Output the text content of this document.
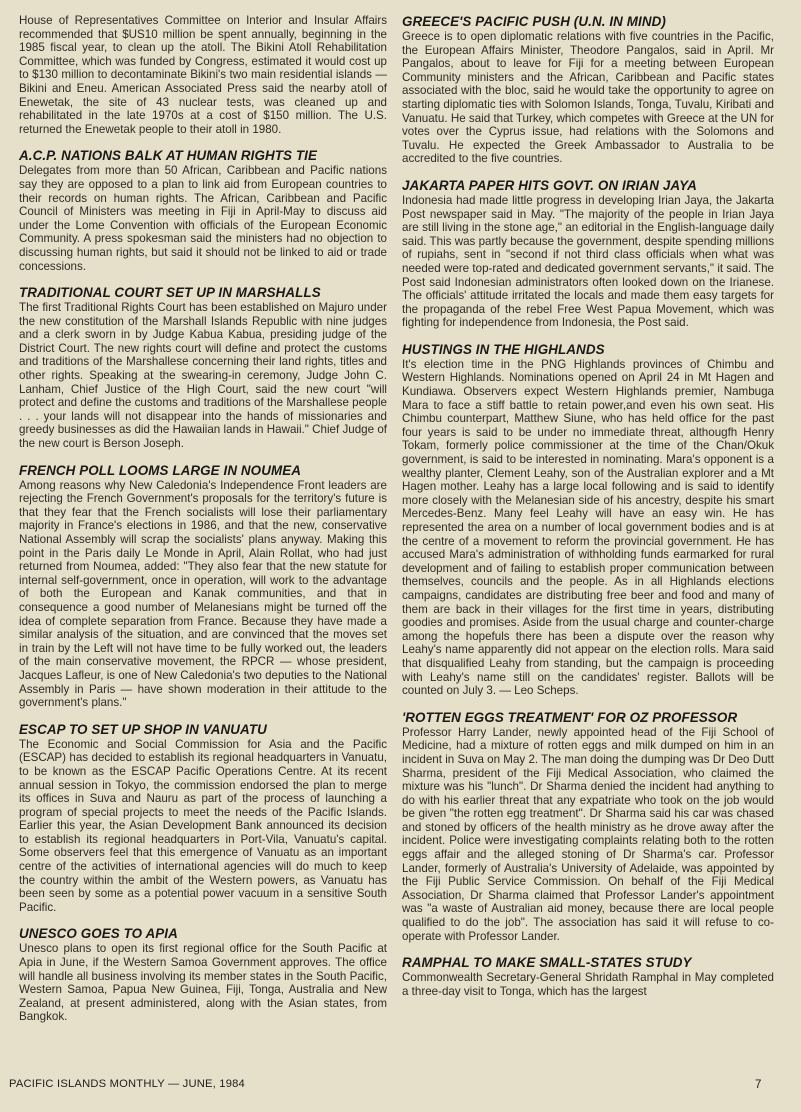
House of Representatives Committee on Interior and Insular Affairs recommended that $US10 million be spent annually, beginning in the 1985 fiscal year, to clean up the atoll. The Bikini Atoll Rehabilitation Committee, which was funded by Congress, estimated it would cost up to $130 million to decontaminate Bikini's two main residential islands — Bikini and Eneu. American Associated Press said the nearby atoll of Enewetak, the site of 43 nuclear tests, was cleaned up and rehabilitated in the late 1970s at a cost of $150 million. The U.S. returned the Enewetak people to their atoll in 1980.

A.C.P. NATIONS BALK AT HUMAN RIGHTS TIE

Delegates from more than 50 African, Caribbean and Pacific nations say they are opposed to a plan to link aid from European countries to their records on human rights. The African, Caribbean and Pacific Council of Ministers was meeting in Fiji in April-May to discuss aid under the Lome Convention with officials of the European Economic Community. A press spokesman said the ministers had no objection to discussing human rights, but said it should not be linked to aid or trade concessions.

TRADITIONAL COURT SET UP IN MARSHALLS

The first Traditional Rights Court has been established on Majuro under the new constitution of the Marshall Islands Republic with nine judges and a clerk sworn in by Judge Kabua Kabua, presiding judge of the District Court. The new rights court will define and protect the customs and traditions of the Marshallese concerning their land rights, titles and other rights. Speaking at the swearing-in ceremony, Judge John C. Lanham, Chief Justice of the High Court, said the new court "will protect and define the customs and traditions of the Marshallese people . . . your lands will not disappear into the hands of missionaries and greedy businesses as did the Hawaiian lands in Hawaii." Chief Judge of the new court is Berson Joseph.

FRENCH POLL LOOMS LARGE IN NOUMEA

Among reasons why New Caledonia's Independence Front leaders are rejecting the French Government's proposals for the territory's future is that they fear that the French socialists will lose their parliamentary majority in France's elections in 1986, and that the new, conservative National Assembly will scrap the socialists' plans anyway. Making this point in the Paris daily Le Monde in April, Alain Rollat, who had just returned from Noumea, added: "They also fear that the new statute for internal self-government, once in operation, will work to the advantage of both the European and Kanak communities, and that in consequence a good number of Melanesians might be turned off the idea of complete separation from France. Because they have made a similar analysis of the situation, and are convinced that the moves set in train by the Left will not have time to be fully worked out, the leaders of the main conservative movement, the RPCR — whose president, Jacques Lafleur, is one of New Caledonia's two deputies to the National Assembly in Paris — have shown moderation in their attitude to the government's plans."

ESCAP TO SET UP SHOP IN VANUATU

The Economic and Social Commission for Asia and the Pacific (ESCAP) has decided to establish its regional headquarters in Vanuatu, to be known as the ESCAP Pacific Operations Centre. At its recent annual session in Tokyo, the commission endorsed the plan to merge its offices in Suva and Nauru as part of the process of launching a program of special projects to meet the needs of the Pacific Islands. Earlier this year, the Asian Development Bank announced its decision to establish its regional headquarters in Port-Vila, Vanuatu's capital. Some observers feel that this emergence of Vanuatu as an important centre of the activities of international agencies will do much to keep the country within the ambit of the Western powers, as Vanuatu has been seen by some as a potential power vacuum in a sensitive South Pacific.

UNESCO GOES TO APIA

Unesco plans to open its first regional office for the South Pacific at Apia in June, if the Western Samoa Government approves. The office will handle all business involving its member states in the South Pacific, Western Samoa, Papua New Guinea, Fiji, Tonga, Australia and New Zealand, at present administered, along with the Asian states, from Bangkok.

GREECE'S PACIFIC PUSH (U.N. IN MIND)

Greece is to open diplomatic relations with five countries in the Pacific, the European Affairs Minister, Theodore Pangalos, said in April. Mr Pangalos, about to leave for Fiji for a meeting between European Community ministers and the African, Caribbean and Pacific states associated with the bloc, said he would take the opportunity to agree on starting diplomatic ties with Solomon Islands, Tonga, Tuvalu, Kiribati and Vanuatu. He said that Turkey, which competes with Greece at the UN for votes over the Cyprus issue, had relations with the Solomons and Tuvalu. He expected the Greek Ambassador to Australia to be accredited to the five countries.

JAKARTA PAPER HITS GOVT. ON IRIAN JAYA

Indonesia had made little progress in developing Irian Jaya, the Jakarta Post newspaper said in May. "The majority of the people in Irian Jaya are still living in the stone age," an editorial in the English-language daily said. This was partly because the government, despite spending millions of rupiahs, sent in "second if not third class officials when what was needed were top-rated and dedicated government servants," it said. The Post said Indonesian administrators often looked down on the Irianese. The officials' attitude irritated the locals and made them easy targets for the propaganda of the rebel Free West Papua Movement, which was fighting for independence from Indonesia, the Post said.

HUSTINGS IN THE HIGHLANDS

It's election time in the PNG Highlands provinces of Chimbu and Western Highlands. Nominations opened on April 24 in Mt Hagen and Kundiawa. Observers expect Western Highlands premier, Nambuga Mara to face a stiff battle to retain power,and even his own seat. His Chimbu counterpart, Matthew Siune, who has held office for the past four years is said to be under no immediate threat, althougfh Henry Tokam, formerly police commissioner at the time of the Chan/Okuk government, is said to be interested in nominating. Mara's opponent is a wealthy planter, Clement Leahy, son of the Australian explorer and a Mt Hagen mother. Leahy has a large local following and is said to identify more closely with the Melanesian side of his ancestry, despite his smart Mercedes-Benz. Many feel Leahy will have an easy win. He has represented the area on a number of local government bodies and is at the centre of a movement to reform the provincial government. He has accused Mara's administration of withholding funds earmarked for rural development and of failing to establish proper communication between themselves, councils and the people. As in all Highlands elections campaigns, candidates are distributing free beer and food and many of them are back in their villages for the first time in years, distributing goodies and promises. Aside from the usual charge and counter-charge among the hopefuls there has been a dispute over the reason why Leahy's name apparently did not appear on the election rolls. Mara said that disqualified Leahy from standing, but the campaign is proceeding with Leahy's name still on the candidates' register. Ballots will be counted on July 3. — Leo Scheps.

'ROTTEN EGGS TREATMENT' FOR OZ PROFESSOR

Professor Harry Lander, newly appointed head of the Fiji School of Medicine, had a mixture of rotten eggs and milk dumped on him in an incident in Suva on May 2. The man doing the dumping was Dr Deo Dutt Sharma, president of the Fiji Medical Association, who claimed the mixture was his "lunch". Dr Sharma denied the incident had anything to do with his earlier threat that any expatriate who took on the job would be given "the rotten egg treatment". Dr Sharma said his car was chased and stoned by officers of the health ministry as he drove away after the incident. Police were investigating complaints relating both to the rotten eggs affair and the alleged stoning of Dr Sharma's car. Professor Lander, formerly of Australia's University of Adelaide, was appointed by the Fiji Public Service Commission. On behalf of the Fiji Medical Association, Dr Sharma claimed that Professor Lander's appointment was "a waste of Australian aid money, because there are local people qualified to do the job". The association has said it will refuse to co-operate with Professor Lander.

RAMPHAL TO MAKE SMALL-STATES STUDY

Commonwealth Secretary-General Shridath Ramphal in May completed a three-day visit to Tonga, which has the largest

PACIFIC ISLANDS MONTHLY — JUNE, 1984	7
